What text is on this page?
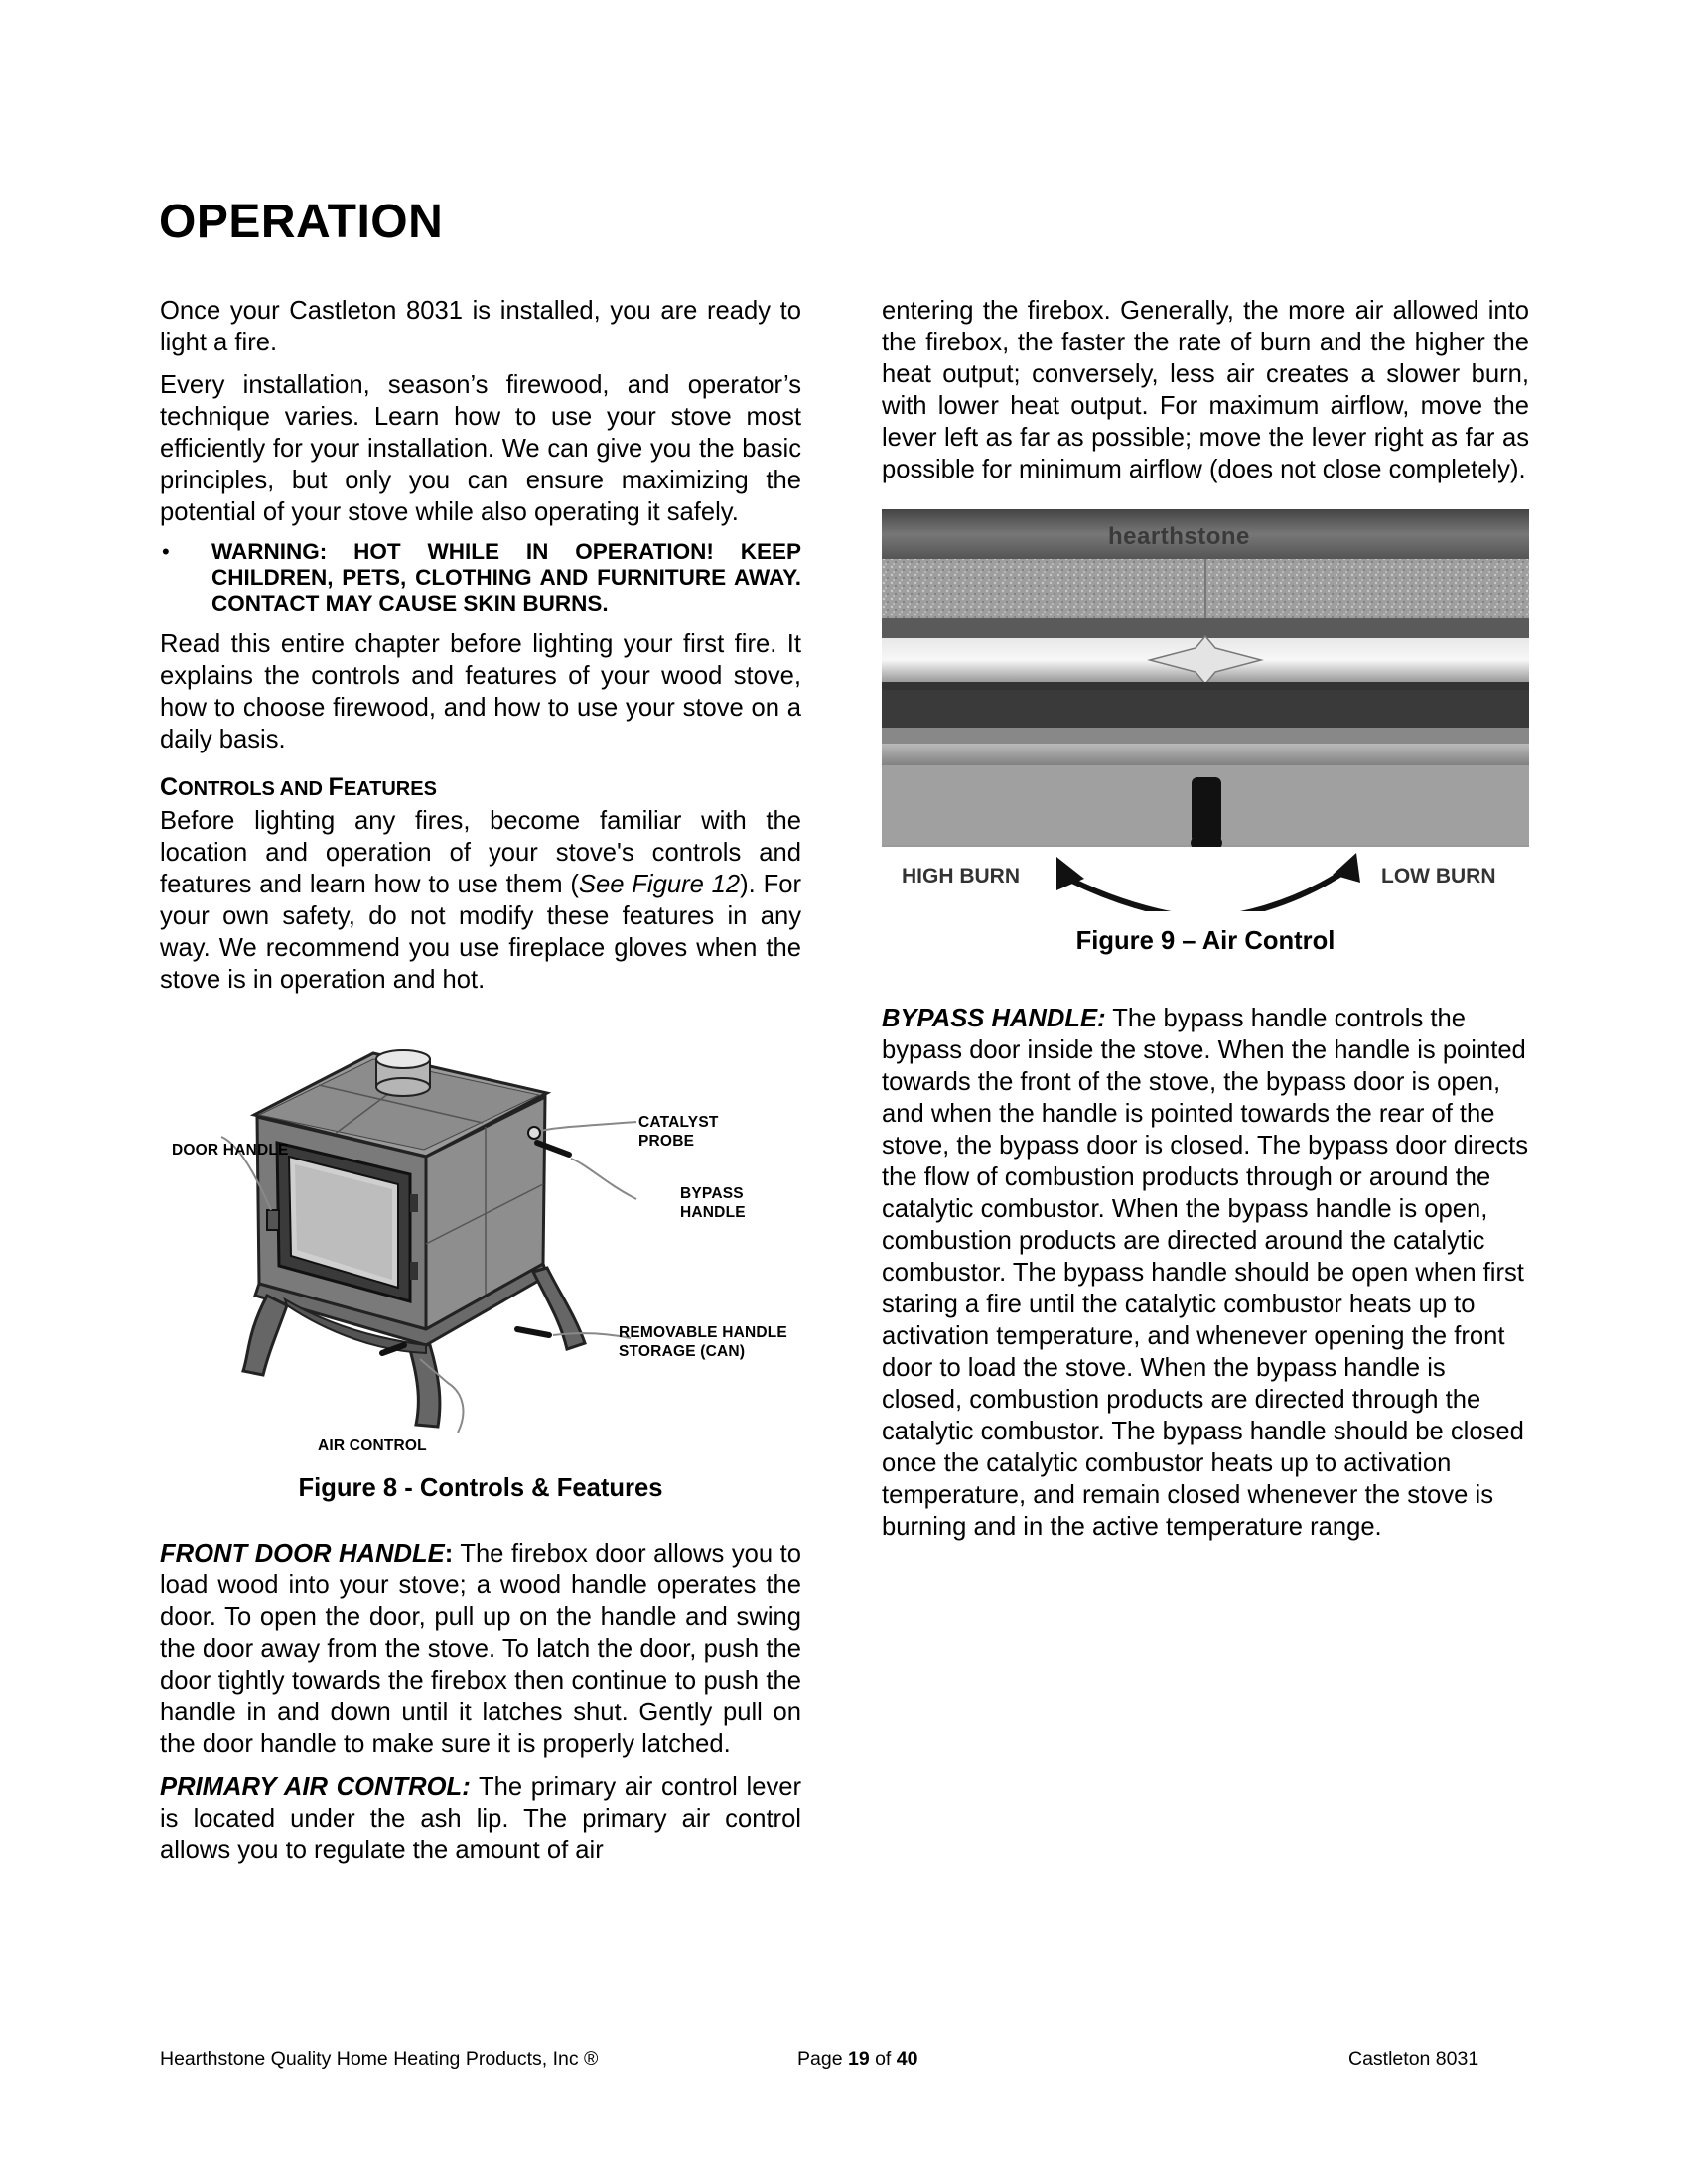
OPERATION

Once your Castleton 8031 is installed, you are ready to light a fire.

Every installation, season’s firewood, and operator’s technique varies. Learn how to use your stove most efficiently for your installation. We can give you the basic principles, but only you can ensure maximizing the potential of your stove while also operating it safely.

•	WARNING: HOT WHILE IN OPERATION! KEEP CHILDREN, PETS, CLOTHING AND FURNITURE AWAY. CONTACT MAY CAUSE SKIN BURNS.

Read this entire chapter before lighting your first fire. It explains the controls and features of your wood stove, how to choose firewood, and how to use your stove on a daily basis.

CONTROLS AND FEATURES

Before lighting any fires, become familiar with the location and operation of your stove's controls and features and learn how to use them (See Figure 12). For your own safety, do not modify these features in any way. We recommend you use fireplace gloves when the stove is in operation and hot.

DOOR HANDLE
CATALYST
PROBE
BYPASS
HANDLE
REMOVABLE HANDLE
STORAGE (CAN)
AIR CONTROL

Figure 8 - Controls & Features

FRONT DOOR HANDLE: The firebox door allows you to load wood into your stove; a wood handle operates the door. To open the door, pull up on the handle and swing the door away from the stove. To latch the door, push the door tightly towards the firebox then continue to push the handle in and down until it latches shut. Gently pull on the door handle to make sure it is properly latched.

PRIMARY AIR CONTROL: The primary air control lever is located under the ash lip. The primary air control allows you to regulate the amount of air

entering the firebox. Generally, the more air allowed into the firebox, the faster the rate of burn and the higher the heat output; conversely, less air creates a slower burn, with lower heat output. For maximum airflow, move the lever left as far as possible; move the lever right as far as possible for minimum airflow (does not close completely).

hearthstone
HIGH BURN	LOW BURN

Figure 9 – Air Control

BYPASS HANDLE: The bypass handle controls the bypass door inside the stove. When the handle is pointed towards the front of the stove, the bypass door is open, and when the handle is pointed towards the rear of the stove, the bypass door is closed. The bypass door directs the flow of combustion products through or around the catalytic combustor. When the bypass handle is open, combustion products are directed around the catalytic combustor. The bypass handle should be open when first staring a fire until the catalytic combustor heats up to activation temperature, and whenever opening the front door to load the stove. When the bypass handle is closed, combustion products are directed through the catalytic combustor. The bypass handle should be closed once the catalytic combustor heats up to activation temperature, and remain closed whenever the stove is burning and in the active temperature range.

Hearthstone Quality Home Heating Products, Inc ®	Page 19 of 40	Castleton 8031
